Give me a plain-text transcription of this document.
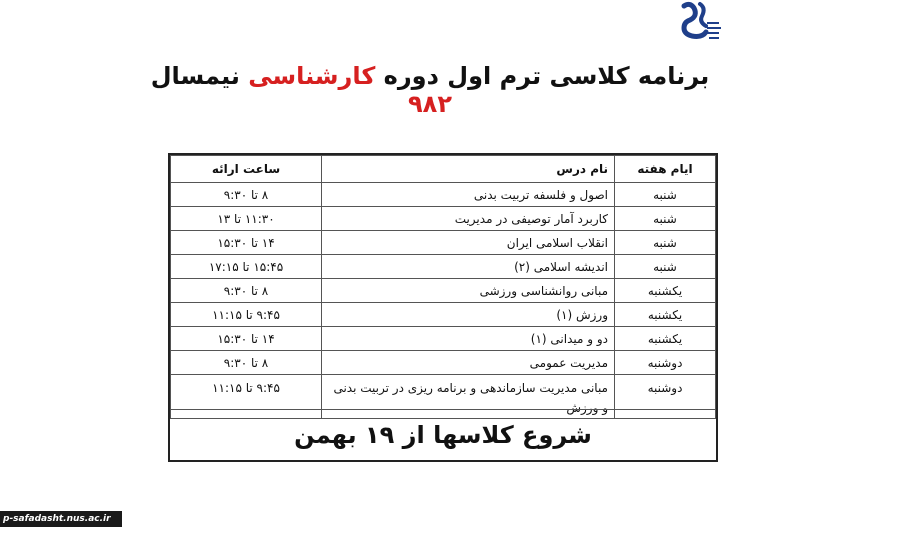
برنامه کلاسی ترم اول دوره کارشناسی نیمسال ۹۸۲
ایام هفته	نام درس	ساعت ارائه
شنبه	اصول و فلسفه تربیت بدنی	۸ تا ۹:۳۰
شنبه	کاربرد آمار توصیفی در مدیریت	۱۱:۳۰ تا ۱۳
شنبه	انقلاب اسلامی ایران	۱۴ تا ۱۵:۳۰
شنبه	اندیشه اسلامی (۲)	۱۵:۴۵ تا ۱۷:۱۵
یکشنبه	مبانی روانشناسی ورزشی	۸ تا ۹:۳۰
یکشنبه	ورزش (۱)	۹:۴۵ تا ۱۱:۱۵
یکشنبه	دو و میدانی (۱)	۱۴ تا ۱۵:۳۰
دوشنبه	مدیریت عمومی	۸ تا ۹:۳۰
دوشنبه	مبانی مدیریت سازماندهی و برنامه ریزی در تربیت بدنی و ورزش	۹:۴۵ تا ۱۱:۱۵
شروع کلاسها از ۱۹ بهمن
p-safadasht.nus.ac.ir
